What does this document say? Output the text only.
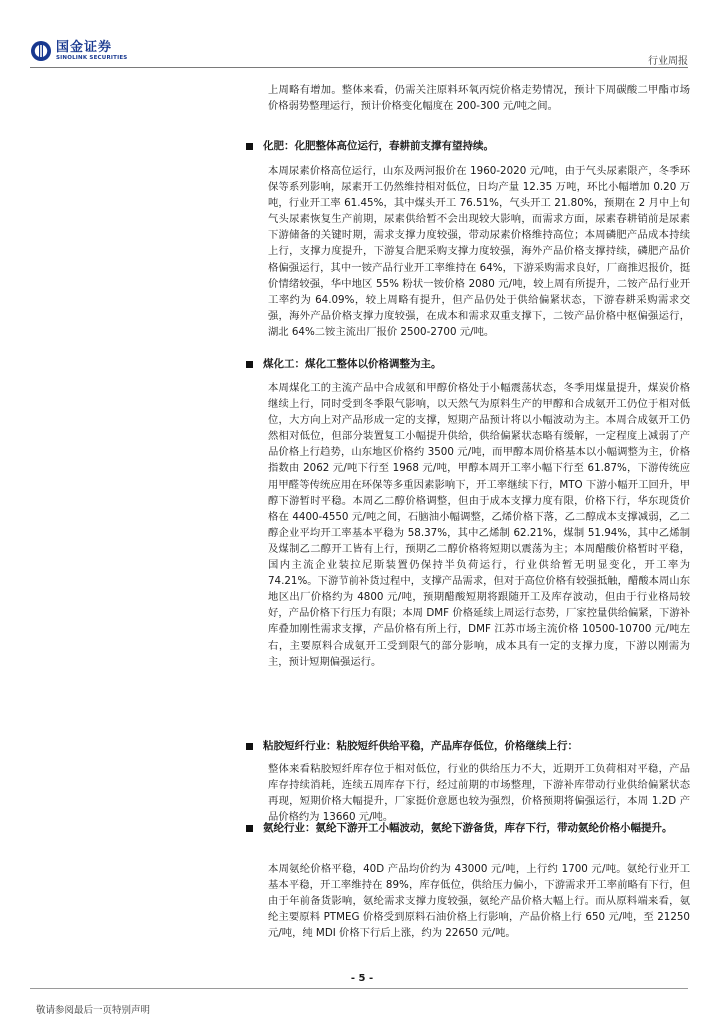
国金证券
SINOLINK SECURITIES	行业周报

上周略有增加。整体来看，仍需关注原料环氧丙烷价格走势情况，预计下周碳酸二甲酯市场价格弱势整理运行，预计价格变化幅度在 200-300 元/吨之间。

化肥：化肥整体高位运行，春耕前支撑有望持续。

本周尿素价格高位运行，山东及两河报价在 1960-2020 元/吨，由于气头尿素限产，冬季环保等系列影响，尿素开工仍然维持相对低位，日均产量 12.35 万吨，环比小幅增加 0.20 万吨，行业开工率 61.45%，其中煤头开工 76.51%，气头开工 21.80%，预期在 2 月中上旬气头尿素恢复生产前期，尿素供给暂不会出现较大影响，而需求方面，尿素春耕销前是尿素下游储备的关键时期，需求支撑力度较强，带动尿素价格维持高位；本周磷肥产品成本持续上行，支撑力度提升，下游复合肥采购支撑力度较强，海外产品价格支撑持续，磷肥产品价格偏强运行，其中一铵产品行业开工率维持在 64%，下游采购需求良好，厂商推迟报价，挺价情绪较强，华中地区 55% 粉状一铵价格 2080 元/吨，较上周有所提升，二铵产品行业开工率约为 64.09%，较上周略有提升，但产品仍处于供给偏紧状态，下游春耕采购需求交强，海外产品价格支撑力度较强，在成本和需求双重支撑下，二铵产品价格中枢偏强运行，湖北 64%二铵主流出厂报价 2500-2700 元/吨。

煤化工：煤化工整体以价格调整为主。

本周煤化工的主流产品中合成氨和甲醇价格处于小幅震荡状态，冬季用煤量提升，煤炭价格继续上行，同时受到冬季限气影响，以天然气为原料生产的甲醇和合成氨开工仍位于相对低位，大方向上对产品形成一定的支撑，短期产品预计将以小幅波动为主。本周合成氨开工仍然相对低位，但部分装置复工小幅提升供给，供给偏紧状态略有缓解，一定程度上减弱了产品价格上行趋势，山东地区价格约 3500 元/吨，而甲醇本周价格基本以小幅调整为主，价格指数由 2062 元/吨下行至 1968 元/吨，甲醇本周开工率小幅下行至 61.87%，下游传统应用甲醛等传统应用在环保等多重因素影响下，开工率继续下行，MTO 下游小幅开工回升，甲醇下游暂时平稳。本周乙二醇价格调整，但由于成本支撑力度有限，价格下行，华东现货价格在 4400-4550 元/吨之间，石脑油小幅调整，乙烯价格下落，乙二醇成本支撑减弱，乙二醇企业平均开工率基本平稳为 58.37%，其中乙烯制 62.21%，煤制 51.94%，其中乙烯制及煤制乙二醇开工皆有上行，预期乙二醇价格将短期以震荡为主；本周醋酸价格暂时平稳，国内主流企业装拉尼斯装置仍保持半负荷运行，行业供给暂无明显变化，开工率为 74.21%。下游节前补货过程中，支撑产品需求，但对于高位价格有较强抵触，醋酸本周山东地区出厂价格约为 4800 元/吨，预期醋酸短期将跟随开工及库存波动，但由于行业格局较好，产品价格下行压力有限；本周 DMF 价格延续上周运行态势，厂家控量供给偏紧，下游补库叠加刚性需求支撑，产品价格有所上行，DMF 江苏市场主流价格 10500-10700 元/吨左右，主要原料合成氨开工受到限气的部分影响，成本具有一定的支撑力度，下游以刚需为主，预计短期偏强运行。

粘胶短纤行业：粘胶短纤供给平稳，产品库存低位，价格继续上行：

整体来看粘胶短纤库存位于相对低位，行业的供给压力不大，近期开工负荷相对平稳，产品库存持续消耗，连续五周库存下行，经过前期的市场整理，下游补库带动行业供给偏紧状态再现，短期价格大幅提升，厂家挺价意愿也较为强烈，价格预期将偏强运行，本周 1.2D 产品价格约为 13660 元/吨。

氨纶行业：氨纶下游开工小幅波动，氨纶下游备货，库存下行，带动氨纶价格小幅提升。

本周氨纶价格平稳，40D 产品均价约为 43000 元/吨，上行约 1700 元/吨。氨纶行业开工基本平稳，开工率维持在 89%，库存低位，供给压力偏小，下游需求开工率前略有下行，但由于年前备货影响，氨纶需求支撑力度较强，氨纶产品价格大幅上行。而从原料端来看，氨纶主要原料 PTMEG 价格受到原料石油价格上行影响，产品价格上行 650 元/吨，至 21250 元/吨，纯 MDI 价格下行后上涨，约为 22650 元/吨。

- 5 -
敬请参阅最后一页特别声明
